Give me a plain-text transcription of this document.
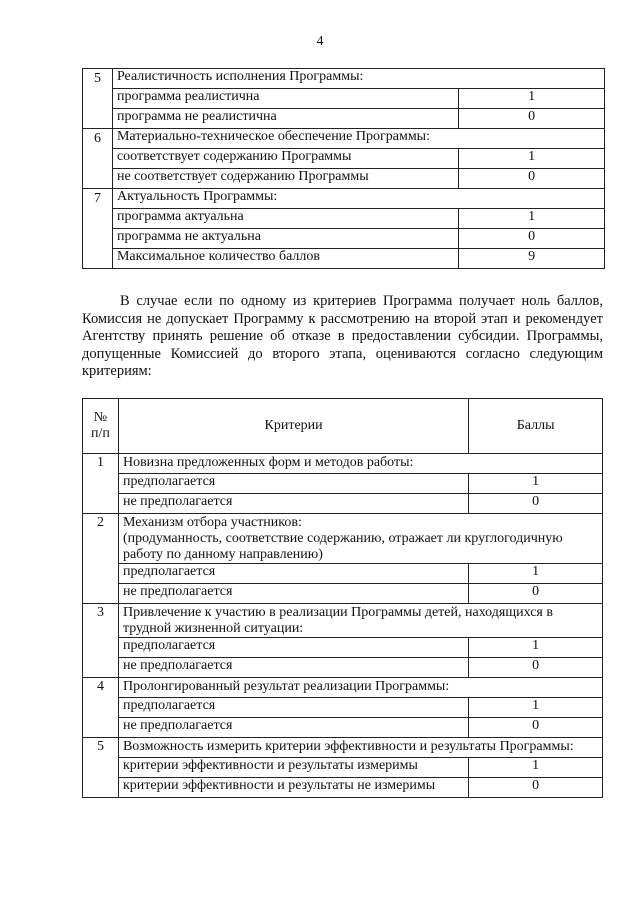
4
5	Реалистичность исполнения Программы:	
	программа реалистична	1
	программа не реалистична	0
6	Материально-техническое обеспечение Программы:	
	соответствует содержанию Программы	1
	не соответствует содержанию Программы	0
7	Актуальность Программы:	
	программа актуальна	1
	программа не актуальна	0
	Максимальное количество баллов	9

В случае если по одному из критериев Программа получает ноль баллов, Комиссия не допускает Программу к рассмотрению на второй этап и рекомендует Агентству принять решение об отказе в предоставлении субсидии. Программы, допущенные Комиссией до второго этапа, оцениваются согласно следующим критериям:

№ п/п	Критерии	Баллы
1	Новизна предложенных форм и методов работы:	
	предполагается	1
	не предполагается	0
2	Механизм отбора участников:
(продуманность, соответствие содержанию, отражает ли круглогодичную работу по данному направлению)	

	предполагается	1
	не предполагается	0
3	Привлечение к участию в реализации Программы детей, находящихся в трудной жизненной ситуации:	
	предполагается	1
	не предполагается	0
4	Пролонгированный результат реализации Программы:	
	предполагается	1
	не предполагается	0
5	Возможность измерить критерии эффективности и результаты Программы:	
	критерии эффективности и результаты измеримы	1
	критерии эффективности и результаты не измеримы	0
